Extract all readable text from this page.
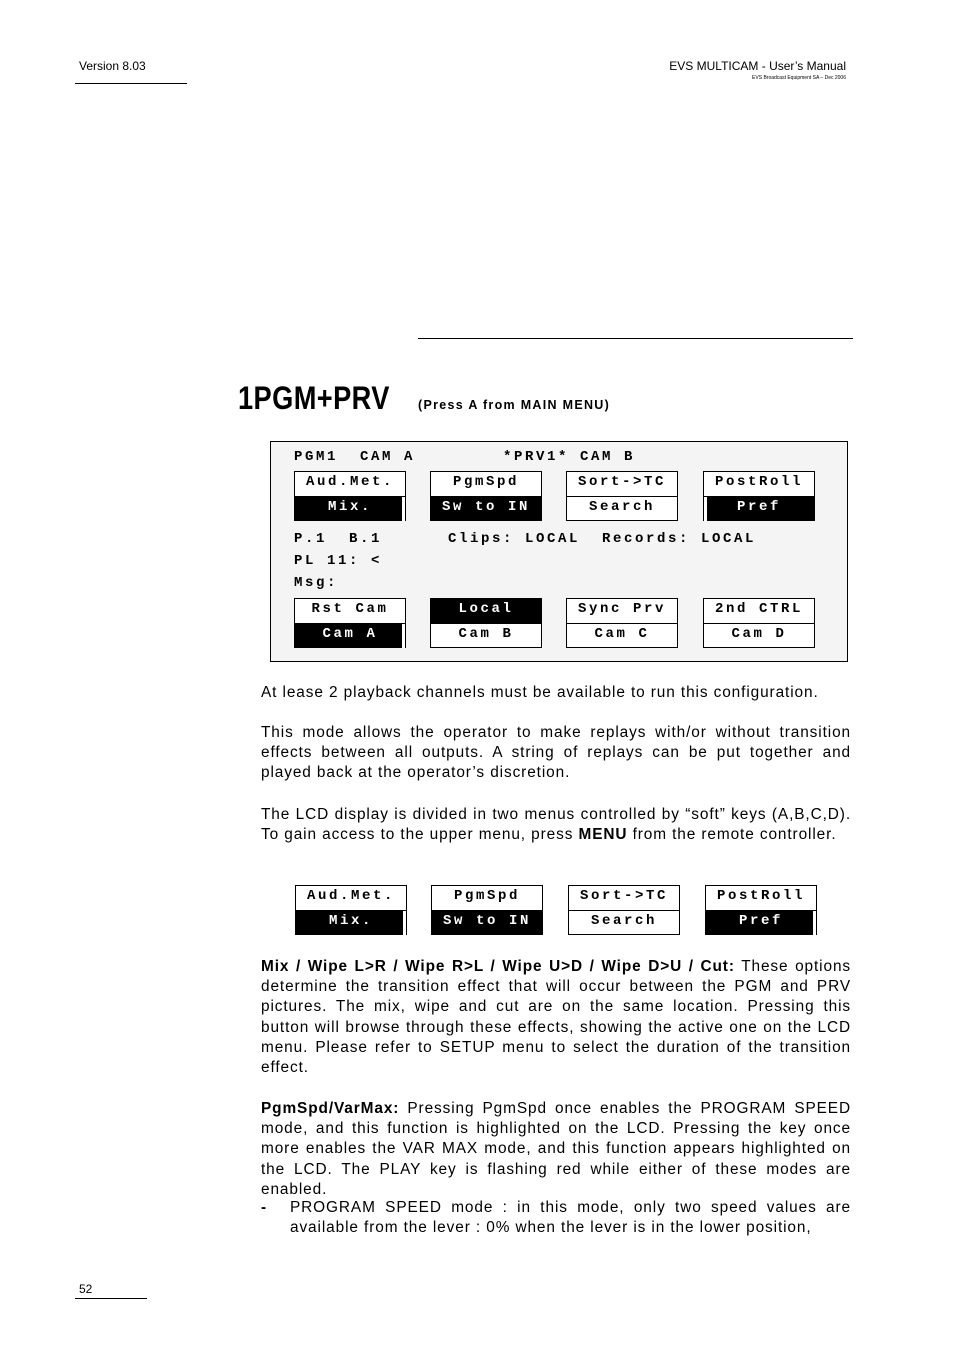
Version 8.03	EVS MULTICAM - User’s Manual
EVS Broadcast Equipment SA – Dec 2006
1PGM+PRV (Press A from MAIN MENU)
PGM1  CAM A        *PRV1* CAM B
Aud.Met.
Mix.
PgmSpd
Sw to IN
Sort->TC
Search
PostRoll
Pref
P.1  B.1      Clips: LOCAL  Records: LOCAL
PL 11: <
Msg:
Rst Cam
Cam A
Local
Cam B
Sync Prv
Cam C
2nd CTRL
Cam D
At lease 2 playback channels must be available to run this configuration.
This mode allows the operator to make replays with/or without transition effects between all outputs. A string of replays can be put together and played back at the operator’s discretion.
The LCD display is divided in two menus controlled by “soft” keys (A,B,C,D). To gain access to the upper menu, press MENU from the remote controller.
Aud.Met.
Mix.
PgmSpd
Sw to IN
Sort->TC
Search
PostRoll
Pref
Mix / Wipe L>R / Wipe R>L / Wipe U>D / Wipe D>U / Cut: These options determine the transition effect that will occur between the PGM and PRV pictures. The mix, wipe and cut are on the same location. Pressing this button will browse through these effects, showing the active one on the LCD menu. Please refer to SETUP menu to select the duration of the transition effect.
PgmSpd/VarMax: Pressing PgmSpd once enables the PROGRAM SPEED mode, and this function is highlighted on the LCD. Pressing the key once more enables the VAR MAX mode, and this function appears highlighted on the LCD. The PLAY key is flashing red while either of these modes are enabled.
- PROGRAM SPEED mode : in this mode, only two speed values are available from the lever : 0% when the lever is in the lower position,
52
